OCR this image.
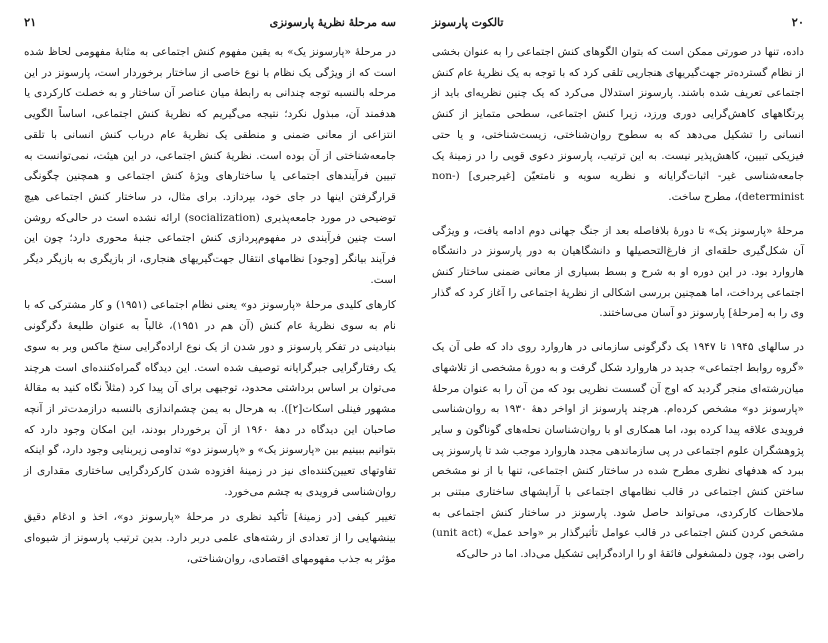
سه مرحلهٔ نظریهٔ پارسونزی
۲۱

در مرحلهٔ «پارسونز یک» به یقین مفهوم کنش اجتماعی به مثابهٔ مفهومی لحاظ شده است که از ویژگی یک نظام با نوع خاصی از ساختار برخوردار است، پارسونز در این مرحله بالنسبه توجه چندانی به رابطهٔ میان عناصر آن ساختار و به خصلت کارکردی یا هدفمند آن، مبذول نکرد؛ نتیجه می‌گیریم که نظریهٔ کنش اجتماعی، اساساً الگویی انتزاعی از معانی ضمنی و منطقی یک نظریهٔ عام درباب کنش انسانی با تلقی جامعه‌شناختی از آن بوده است. نظریهٔ کنش اجتماعی، در این هیئت، نمی‌توانست به تبیین فرآیندهای اجتماعی یا ساختارهای ویژهٔ کنش اجتماعی و همچنین چگونگی قرارگرفتن اینها در جای خود، بپردازد. برای مثال، در ساختار کنش اجتماعی هیچ توضیحی در مورد جامعه‌پذیری (socialization) ارائه نشده است در حالی‌که روشن است چنین فرآیندی در مفهوم‌پردازی کنش اجتماعی جنبهٔ محوری دارد؛ چون این فرآیند بیانگر [وجود] نظامهای انتقال جهت‌گیریهای هنجاری، از بازیگری به بازیگر دیگر است.

کارهای کلیدی مرحلهٔ «پارسونز دو» یعنی نظام اجتماعی (۱۹۵۱) و کار مشترکی که با نام به سوی نظریهٔ عام کنش (آن هم در ۱۹۵۱)، غالباً به عنوان طلیعهٔ دگرگونی بنیادینی در تفکر پارسونز و دور شدن از یک نوع اراده‌گرایی سنخ ماکس وبر به سوی یک رفتارگرایی جبرگرایانه توصیف شده است. این دیدگاه گمراه‌کننده‌ای است هرچند می‌توان بر اساس برداشتی محدود، توجیهی برای آن پیدا کرد (مثلاً نگاه کنید به مقالهٔ مشهور فینلی اسکات[۲]). به هرحال به یمن چشم‌اندازی بالنسبه درازمدت‌تر از آنچه صاحبان این دیدگاه در دههٔ ۱۹۶۰ از آن برخوردار بودند، این امکان وجود دارد که بتوانیم ببینیم بین «پارسونز یک» و «پارسونز دو» تداومی زیربنایی وجود دارد، گو اینکه تفاوتهای تعیین‌کننده‌ای نیز در زمینهٔ افزوده شدن کارکردگرایی ساختاری مقداری از روان‌شناسی فرویدی به چشم می‌خورد.

تغییر کیفی [در زمینهٔ] تأکید نظری در مرحلهٔ «پارسونز دو»، اخذ و ادغام دقیق بینشهایی را از تعدادی از رشته‌های علمی دربر دارد. بدین ترتیب پارسونز از شیوه‌ای مؤثر به جذب مفهومهای اقتصادی، روان‌شناختی،

۲۰
تالکوت پارسونز

داده، تنها در صورتی ممکن است که بتوان الگوهای کنش اجتماعی را به عنوان بخشی از نظام گسترده‌تر جهت‌گیریهای هنجاریی تلقی کرد که با توجه به یک نظریهٔ عام کنش اجتماعی تعریف شده باشند. پارسونز استدلال می‌کرد که یک چنین نظریه‌ای باید از پرتگاههای کاهش‌گرایی دوری ورزد، زیرا کنش اجتماعی، سطحی متمایز از کنش انسانی را تشکیل می‌دهد که به سطوح روان‌شناختی، زیست‌شناختی، و یا حتی فیزیکی تبیین، کاهش‌پذیر نیست. به این ترتیب، پارسونز دعوی قویی را در زمینهٔ یک جامعه‌شناسی غیر- اثبات‌گرایانه و نظریه سویه و نامتعیّن [غیرجبری] (non-determinist)، مطرح ساخت.

مرحلهٔ «پارسونز یک» تا دورهٔ بلافاصله بعد از جنگ جهانی دوم ادامه یافت، و ویژگی آن شکل‌گیری حلقه‌ای از فارغ‌التحصیلها و دانشگاهیان به دور پارسونز در دانشگاه هاروارد بود. در این دوره او به شرح و بسط بسیاری از معانی ضمنی ساختار کنش اجتماعی پرداخت، اما همچنین بررسی اشکالی از نظریهٔ اجتماعی را آغاز کرد که گذار وی را به [مرحلهٔ] پارسونز دو آسان می‌ساختند.

در سالهای ۱۹۴۵ تا ۱۹۴۷ یک دگرگونی سازمانی در هاروارد روی داد که طی آن یک «گروه روابط اجتماعی» جدید در هاروارد شکل گرفت و به دورهٔ مشخصی از تلاشهای میان‌رشته‌ای منجر گردید که اوج آن گسست نظریی بود که من آن را به عنوان مرحلهٔ «پارسونز دو» مشخص کرده‌ام. هرچند پارسونز از اواخر دههٔ ۱۹۳۰ به روان‌شناسی فرویدی علاقه پیدا کرده بود، اما همکاری او با روان‌شناسان نحله‌های گوناگون و سایر پژوهشگران علوم اجتماعی در پی سازماندهی مجدد هاروارد موجب شد تا پارسونز پی ببرد که هدفهای نظری مطرح شده در ساختار کنش اجتماعی، تنها با از نو مشخص ساختن کنش اجتماعی در قالب نظامهای اجتماعی با آرایشهای ساختاری مبتنی بر ملاحظات کارکردی، می‌تواند حاصل شود. پارسونز در ساختار کنش اجتماعی به مشخص کردن کنش اجتماعی در قالب عوامل تأثیرگذار بر «واحد عمل» (unit act) راضی بود، چون دلمشغولی فائقهٔ او را اراده‌گرایی تشکیل می‌داد. اما در حالی‌که
